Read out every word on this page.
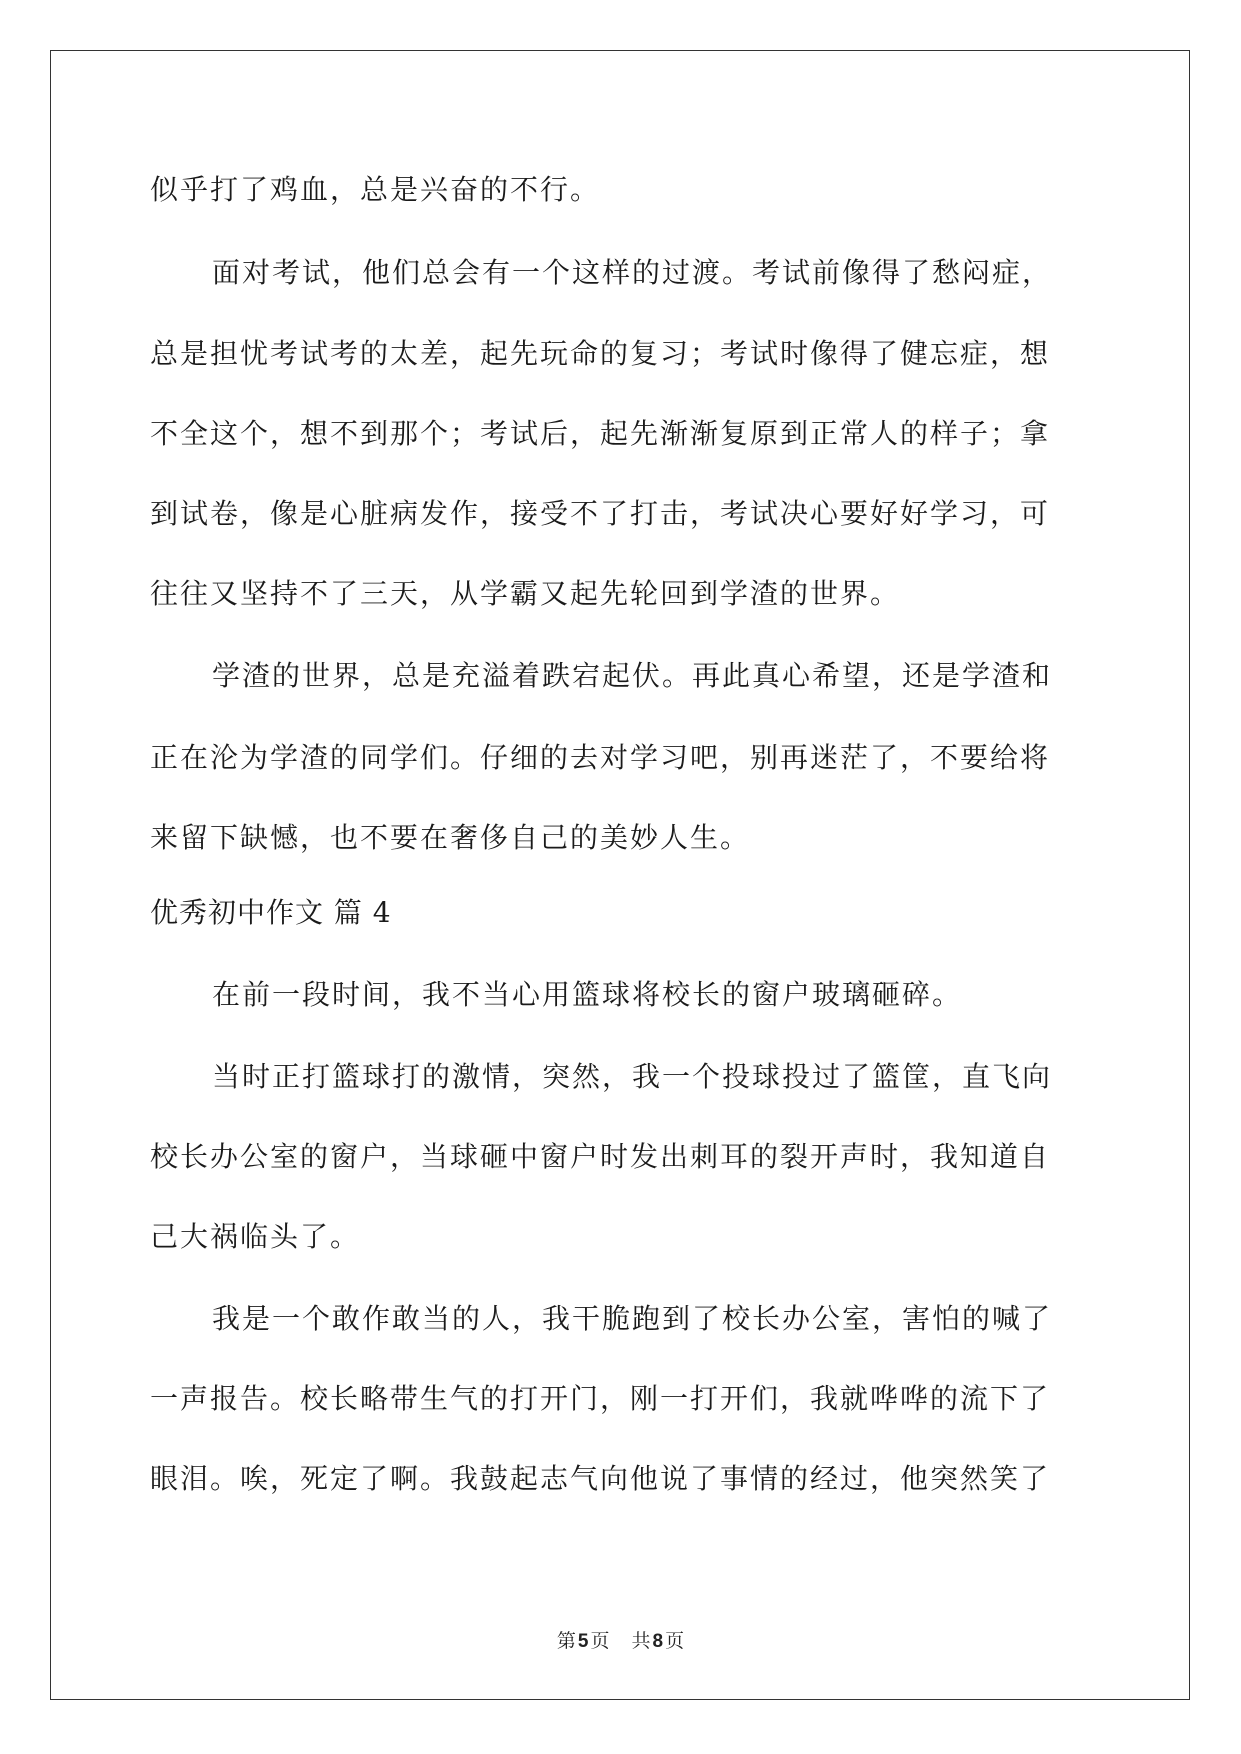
似乎打了鸡血，总是兴奋的不行。
面对考试，他们总会有一个这样的过渡。考试前像得了愁闷症，
总是担忧考试考的太差，起先玩命的复习；考试时像得了健忘症，想
不全这个，想不到那个；考试后，起先渐渐复原到正常人的样子；拿
到试卷，像是心脏病发作，接受不了打击，考试决心要好好学习，可
往往又坚持不了三天，从学霸又起先轮回到学渣的世界。
学渣的世界，总是充溢着跌宕起伏。再此真心希望，还是学渣和
正在沦为学渣的同学们。仔细的去对学习吧，别再迷茫了，不要给将
来留下缺憾，也不要在奢侈自己的美妙人生。
优秀初中作文 篇 4
在前一段时间，我不当心用篮球将校长的窗户玻璃砸碎。
当时正打篮球打的激情，突然，我一个投球投过了篮筐，直飞向
校长办公室的窗户，当球砸中窗户时发出刺耳的裂开声时，我知道自
己大祸临头了。
我是一个敢作敢当的人，我干脆跑到了校长办公室，害怕的喊了
一声报告。校长略带生气的打开门，刚一打开们，我就哗哗的流下了
眼泪。唉，死定了啊。我鼓起志气向他说了事情的经过，他突然笑了
第 5 页 共 8 页
